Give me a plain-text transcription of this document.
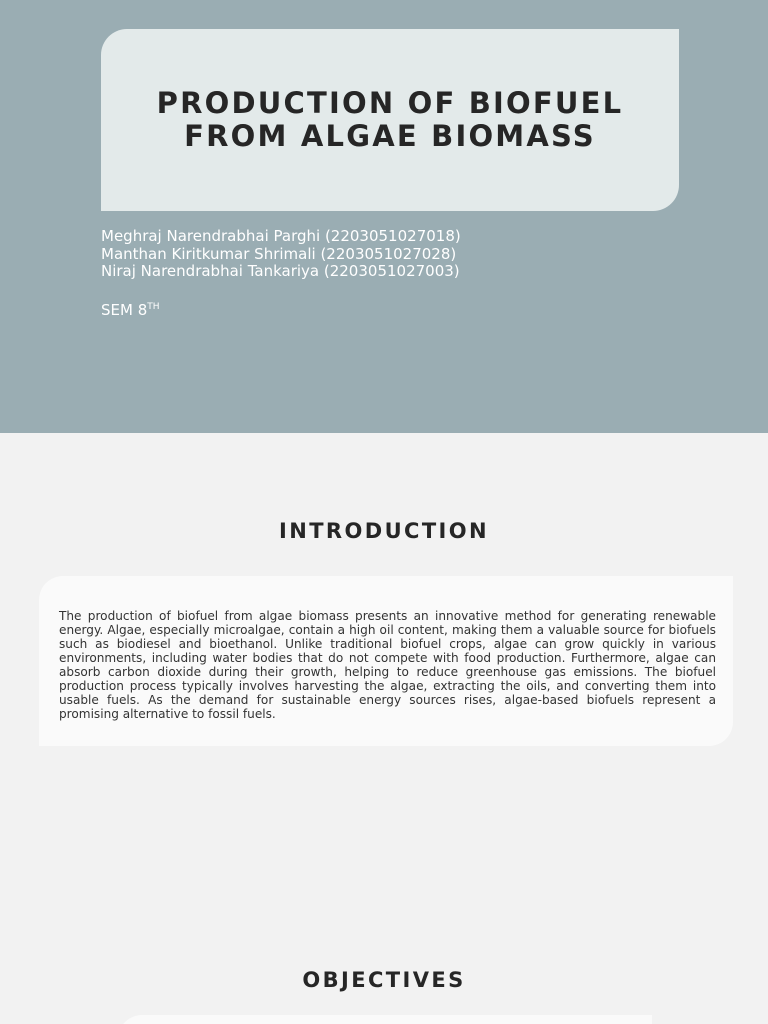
PRODUCTION OF BIOFUEL
FROM ALGAE BIOMASS
Meghraj Narendrabhai Parghi (2203051027018)
Manthan Kiritkumar Shrimali (2203051027028)
Niraj Narendrabhai Tankariya (2203051027003)
SEM 8TH
INTRODUCTION

The production of biofuel from algae biomass presents an innovative method for generating renewable energy. Algae, especially microalgae, contain a high oil content, making them a valuable source for biofuels such as biodiesel and bioethanol. Unlike traditional biofuel crops, algae can grow quickly in various environments, including water bodies that do not compete with food production. Furthermore, algae can absorb carbon dioxide during their growth, helping to reduce greenhouse gas emissions. The biofuel production process typically involves harvesting the algae, extracting the oils, and converting them into usable fuels. As the demand for sustainable energy sources rises, algae-based biofuels represent a promising alternative to fossil fuels.

OBJECTIVES
